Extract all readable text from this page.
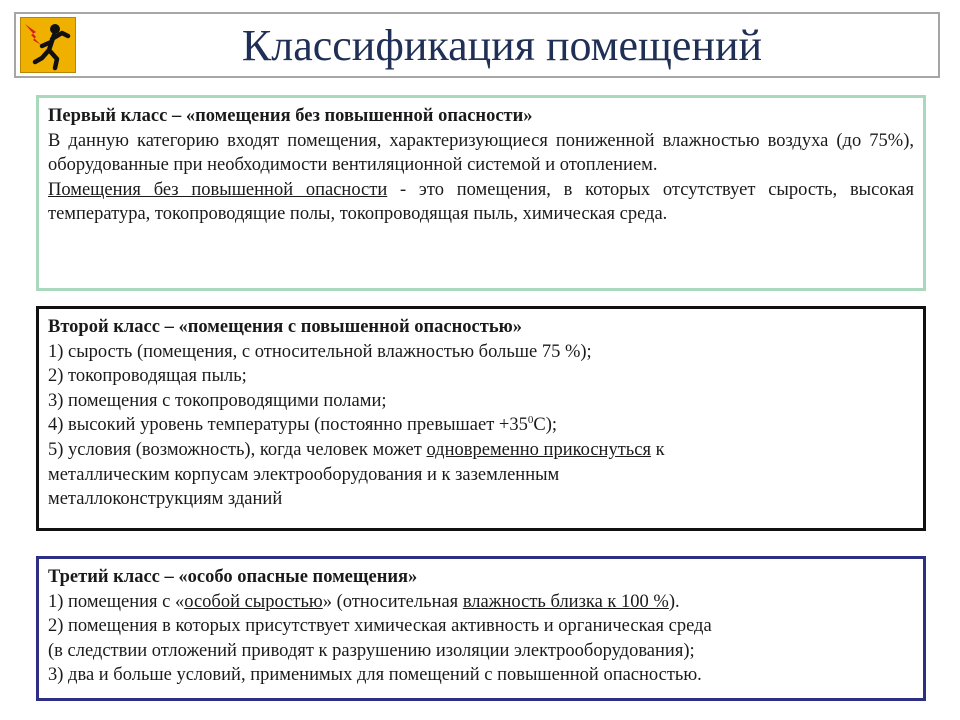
Классификация помещений
Первый класс – «помещения без повышенной опасности»
В данную категорию входят помещения, характеризующиеся пониженной влажностью воздуха (до 75%), оборудованные при необходимости вентиляционной системой и отоплением.
Помещения без повышенной опасности - это помещения, в которых отсутствует сырость, высокая температура, токопроводящие полы, токопроводящая пыль, химическая среда.
Второй класс – «помещения с повышенной опасностью»
1) сырость (помещения, с относительной влажностью больше 75 %);
2) токопроводящая пыль;
3) помещения с токопроводящими полами;
4) высокий уровень температуры (постоянно превышает $+35^0С$);
5) условия (возможность), когда человек может одновременно прикоснуться к
металлическим корпусам электрооборудования и к заземленным
металлоконструкциям зданий
Третий класс – «особо опасные помещения»
1) помещения с «особой сыростью» (относительная влажность близка к 100 %).
2) помещения в которых присутствует химическая активность и органическая среда
(в следствии отложений приводят к разрушению изоляции электрооборудования);
3) два и больше условий, применимых для помещений с повышенной опасностью.
